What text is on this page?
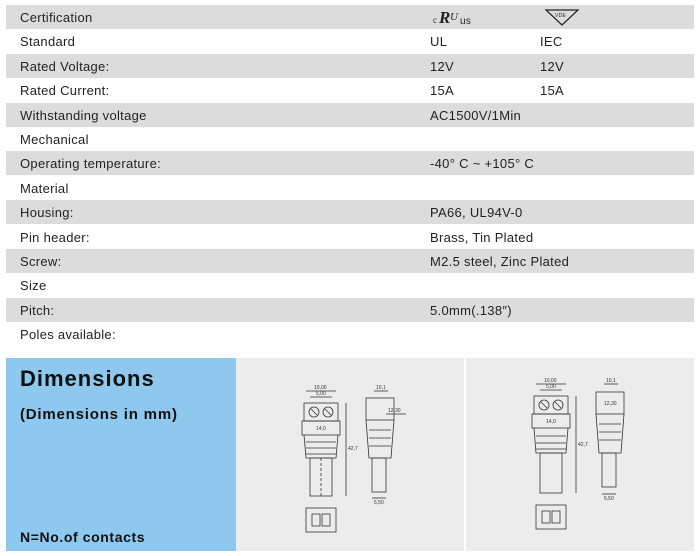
Certification	c R U us	VDE
Standard	UL	IEC
Rated Voltage:	12V	12V
Rated Current:	15A	15A
Withstanding voltage	AC1500V/1Min
Mechanical
Operating temperature:	-40° C ~ +105° C
Material
Housing:	PA66, UL94V-0
Pin header:	Brass, Tin Plated
Screw:	M2.5 steel, Zinc Plated
Size
Pitch:	5.0mm(.138″)
Poles available:
Dimensions
(Dimensions in mm)
N=No.of contacts
10,00
5,00
14,0
10,1
12,30
5,50
42,7
10,00
5,00
14,0
10,1
12,30
5,50
42,7
